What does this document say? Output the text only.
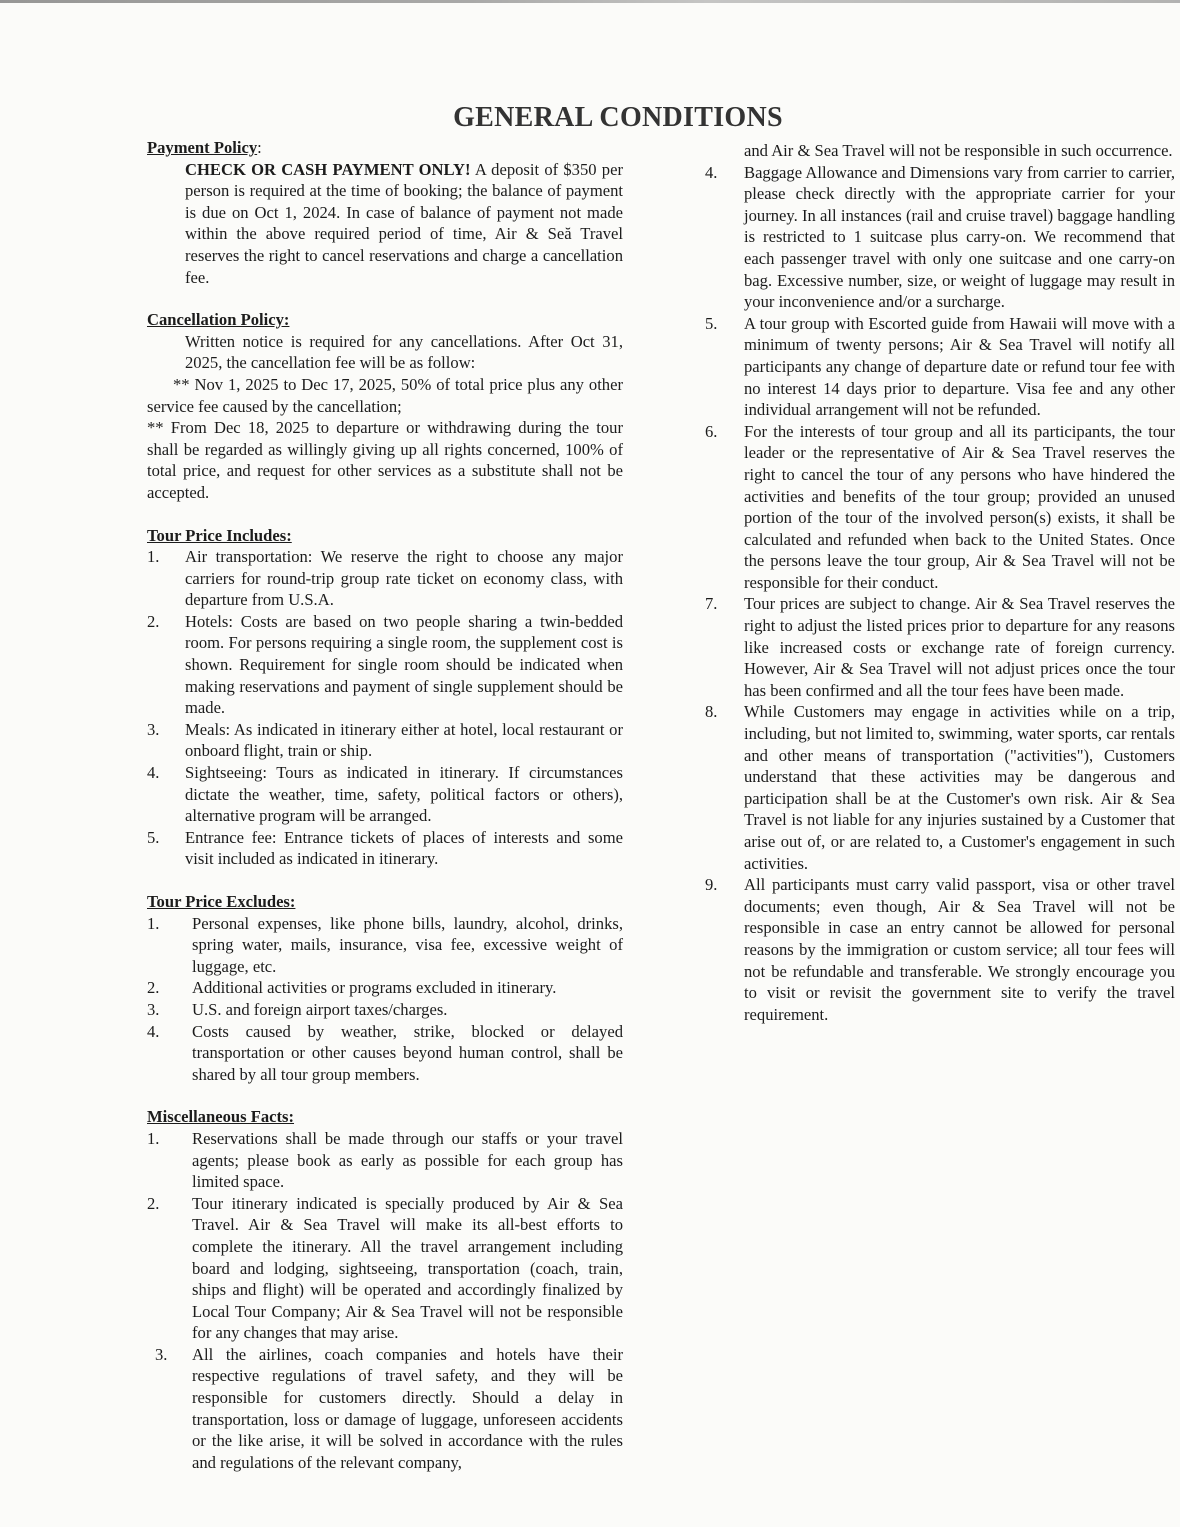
GENERAL CONDITIONS
Payment Policy:
CHECK OR CASH PAYMENT ONLY! A deposit of $350 per person is required at the time of booking; the balance of payment is due on Oct 1, 2024. In case of balance of payment not made within the above required period of time, Air & Seă Travel reserves the right to cancel reservations and charge a cancellation fee.
Cancellation Policy:
Written notice is required for any cancellations. After Oct 31, 2025, the cancellation fee will be as follow:
** Nov 1, 2025 to Dec 17, 2025, 50% of total price plus any other service fee caused by the cancellation;
** From Dec 18, 2025 to departure or withdrawing during the tour shall be regarded as willingly giving up all rights concerned, 100% of total price, and request for other services as a substitute shall not be accepted.
Tour Price Includes:
1.	Air transportation: We reserve the right to choose any major carriers for round-trip group rate ticket on economy class, with departure from U.S.A.
2.	Hotels: Costs are based on two people sharing a twin-bedded room. For persons requiring a single room, the supplement cost is shown. Requirement for single room should be indicated when making reservations and payment of single supplement should be made.
3.	Meals: As indicated in itinerary either at hotel, local restaurant or onboard flight, train or ship.
4.	Sightseeing: Tours as indicated in itinerary. If circumstances dictate the weather, time, safety, political factors or others), alternative program will be arranged.
5.	Entrance fee: Entrance tickets of places of interests and some visit included as indicated in itinerary.
Tour Price Excludes:
1.	Personal expenses, like phone bills, laundry, alcohol, drinks, spring water, mails, insurance, visa fee, excessive weight of luggage, etc.
2.	Additional activities or programs excluded in itinerary.
3.	U.S. and foreign airport taxes/charges.
4.	Costs caused by weather, strike, blocked or delayed transportation or other causes beyond human control, shall be shared by all tour group members.
Miscellaneous Facts:
1.	Reservations shall be made through our staffs or your travel agents; please book as early as possible for each group has limited space.
2.	Tour itinerary indicated is specially produced by Air & Sea Travel. Air & Sea Travel will make its all-best efforts to complete the itinerary. All the travel arrangement including board and lodging, sightseeing, transportation (coach, train, ships and flight) will be operated and accordingly finalized by Local Tour Company; Air & Sea Travel will not be responsible for any changes that may arise.
3.	All the airlines, coach companies and hotels have their respective regulations of travel safety, and they will be responsible for customers directly. Should a delay in transportation, loss or damage of luggage, unforeseen accidents or the like arise, it will be solved in accordance with the rules and regulations of the relevant company,
and Air & Sea Travel will not be responsible in such occurrence.
4.	Baggage Allowance and Dimensions vary from carrier to carrier, please check directly with the appropriate carrier for your journey. In all instances (rail and cruise travel) baggage handling is restricted to 1 suitcase plus carry-on. We recommend that each passenger travel with only one suitcase and one carry-on bag. Excessive number, size, or weight of luggage may result in your inconvenience and/or a surcharge.
5.	A tour group with Escorted guide from Hawaii will move with a minimum of twenty persons; Air & Sea Travel will notify all participants any change of departure date or refund tour fee with no interest 14 days prior to departure. Visa fee and any other individual arrangement will not be refunded.
6.	For the interests of tour group and all its participants, the tour leader or the representative of Air & Sea Travel reserves the right to cancel the tour of any persons who have hindered the activities and benefits of the tour group; provided an unused portion of the tour of the involved person(s) exists, it shall be calculated and refunded when back to the United States. Once the persons leave the tour group, Air & Sea Travel will not be responsible for their conduct.
7.	Tour prices are subject to change. Air & Sea Travel reserves the right to adjust the listed prices prior to departure for any reasons like increased costs or exchange rate of foreign currency. However, Air & Sea Travel will not adjust prices once the tour has been confirmed and all the tour fees have been made.
8.	While Customers may engage in activities while on a trip, including, but not limited to, swimming, water sports, car rentals and other means of transportation ("activities"), Customers understand that these activities may be dangerous and participation shall be at the Customer's own risk. Air & Sea Travel is not liable for any injuries sustained by a Customer that arise out of, or are related to, a Customer's engagement in such activities.
9.	All participants must carry valid passport, visa or other travel documents; even though, Air & Sea Travel will not be responsible in case an entry cannot be allowed for personal reasons by the immigration or custom service; all tour fees will not be refundable and transferable. We strongly encourage you to visit or revisit the government site to verify the travel requirement.
